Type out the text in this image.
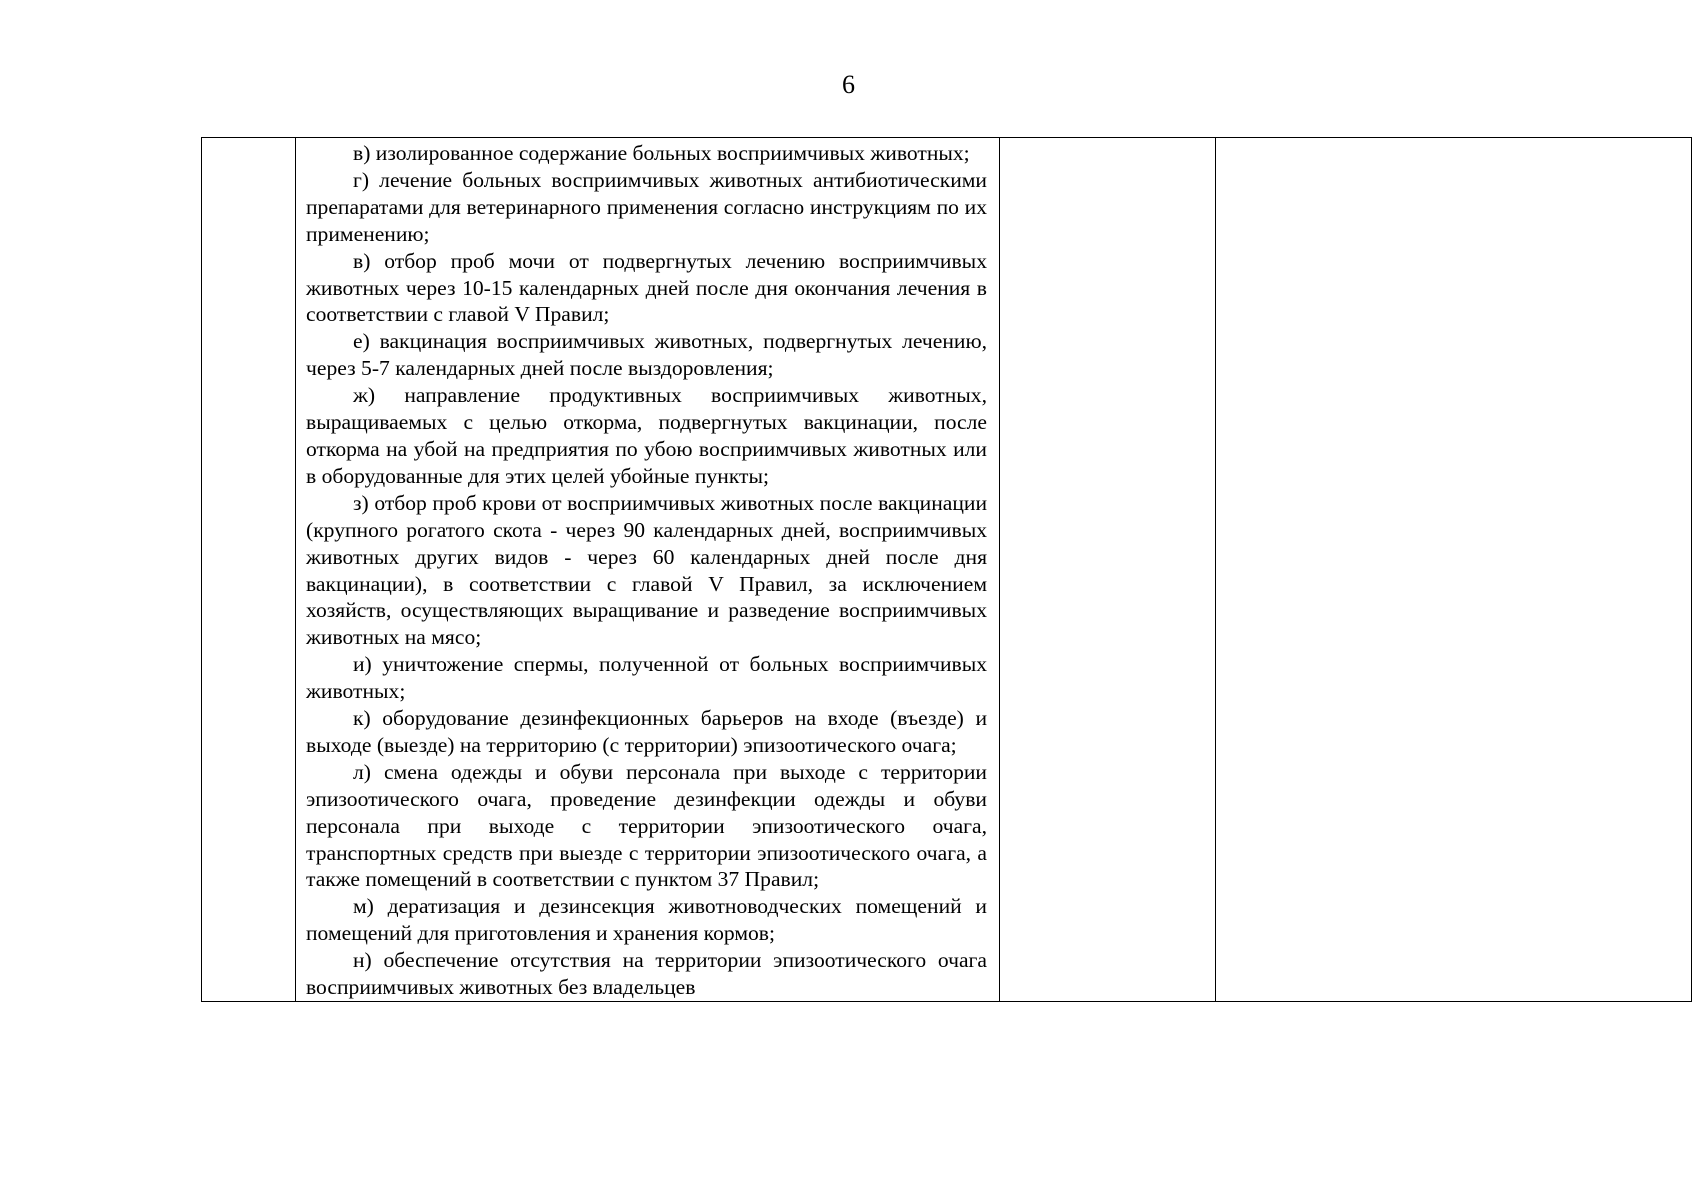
6

в) изолированное содержание больных восприимчивых животных;

г) лечение больных восприимчивых животных антибиотическими препаратами для ветеринарного применения согласно инструкциям по их применению;

в) отбор проб мочи от подвергнутых лечению восприимчивых животных через 10-15 календарных дней после дня окончания лечения в соответствии с главой V Правил;

е) вакцинация восприимчивых животных, подвергнутых лечению, через 5-7 календарных дней после выздоровления;

ж) направление продуктивных восприимчивых животных, выращиваемых с целью откорма, подвергнутых вакцинации, после откорма на убой на предприятия по убою восприимчивых животных или в оборудованные для этих целей убойные пункты;

з) отбор проб крови от восприимчивых животных после вакцинации (крупного рогатого скота - через 90 календарных дней, восприимчивых животных других видов - через 60 календарных дней после дня вакцинации), в соответствии с главой V Правил, за исключением хозяйств, осуществляющих выращивание и разведение восприимчивых животных на мясо;

и) уничтожение спермы, полученной от больных восприимчивых животных;

к) оборудование дезинфекционных барьеров на входе (въезде) и выходе (выезде) на территорию (с территории) эпизоотического очага;

л) смена одежды и обуви персонала при выходе с территории эпизоотического очага, проведение дезинфекции одежды и обуви персонала при выходе с территории эпизоотического очага, транспортных средств при выезде с территории эпизоотического очага, а также помещений в соответствии с пунктом 37 Правил;

м) дератизация и дезинсекция животноводческих помещений и помещений для приготовления и хранения кормов;

н) обеспечение отсутствия на территории эпизоотического очага восприимчивых животных без владельцев
